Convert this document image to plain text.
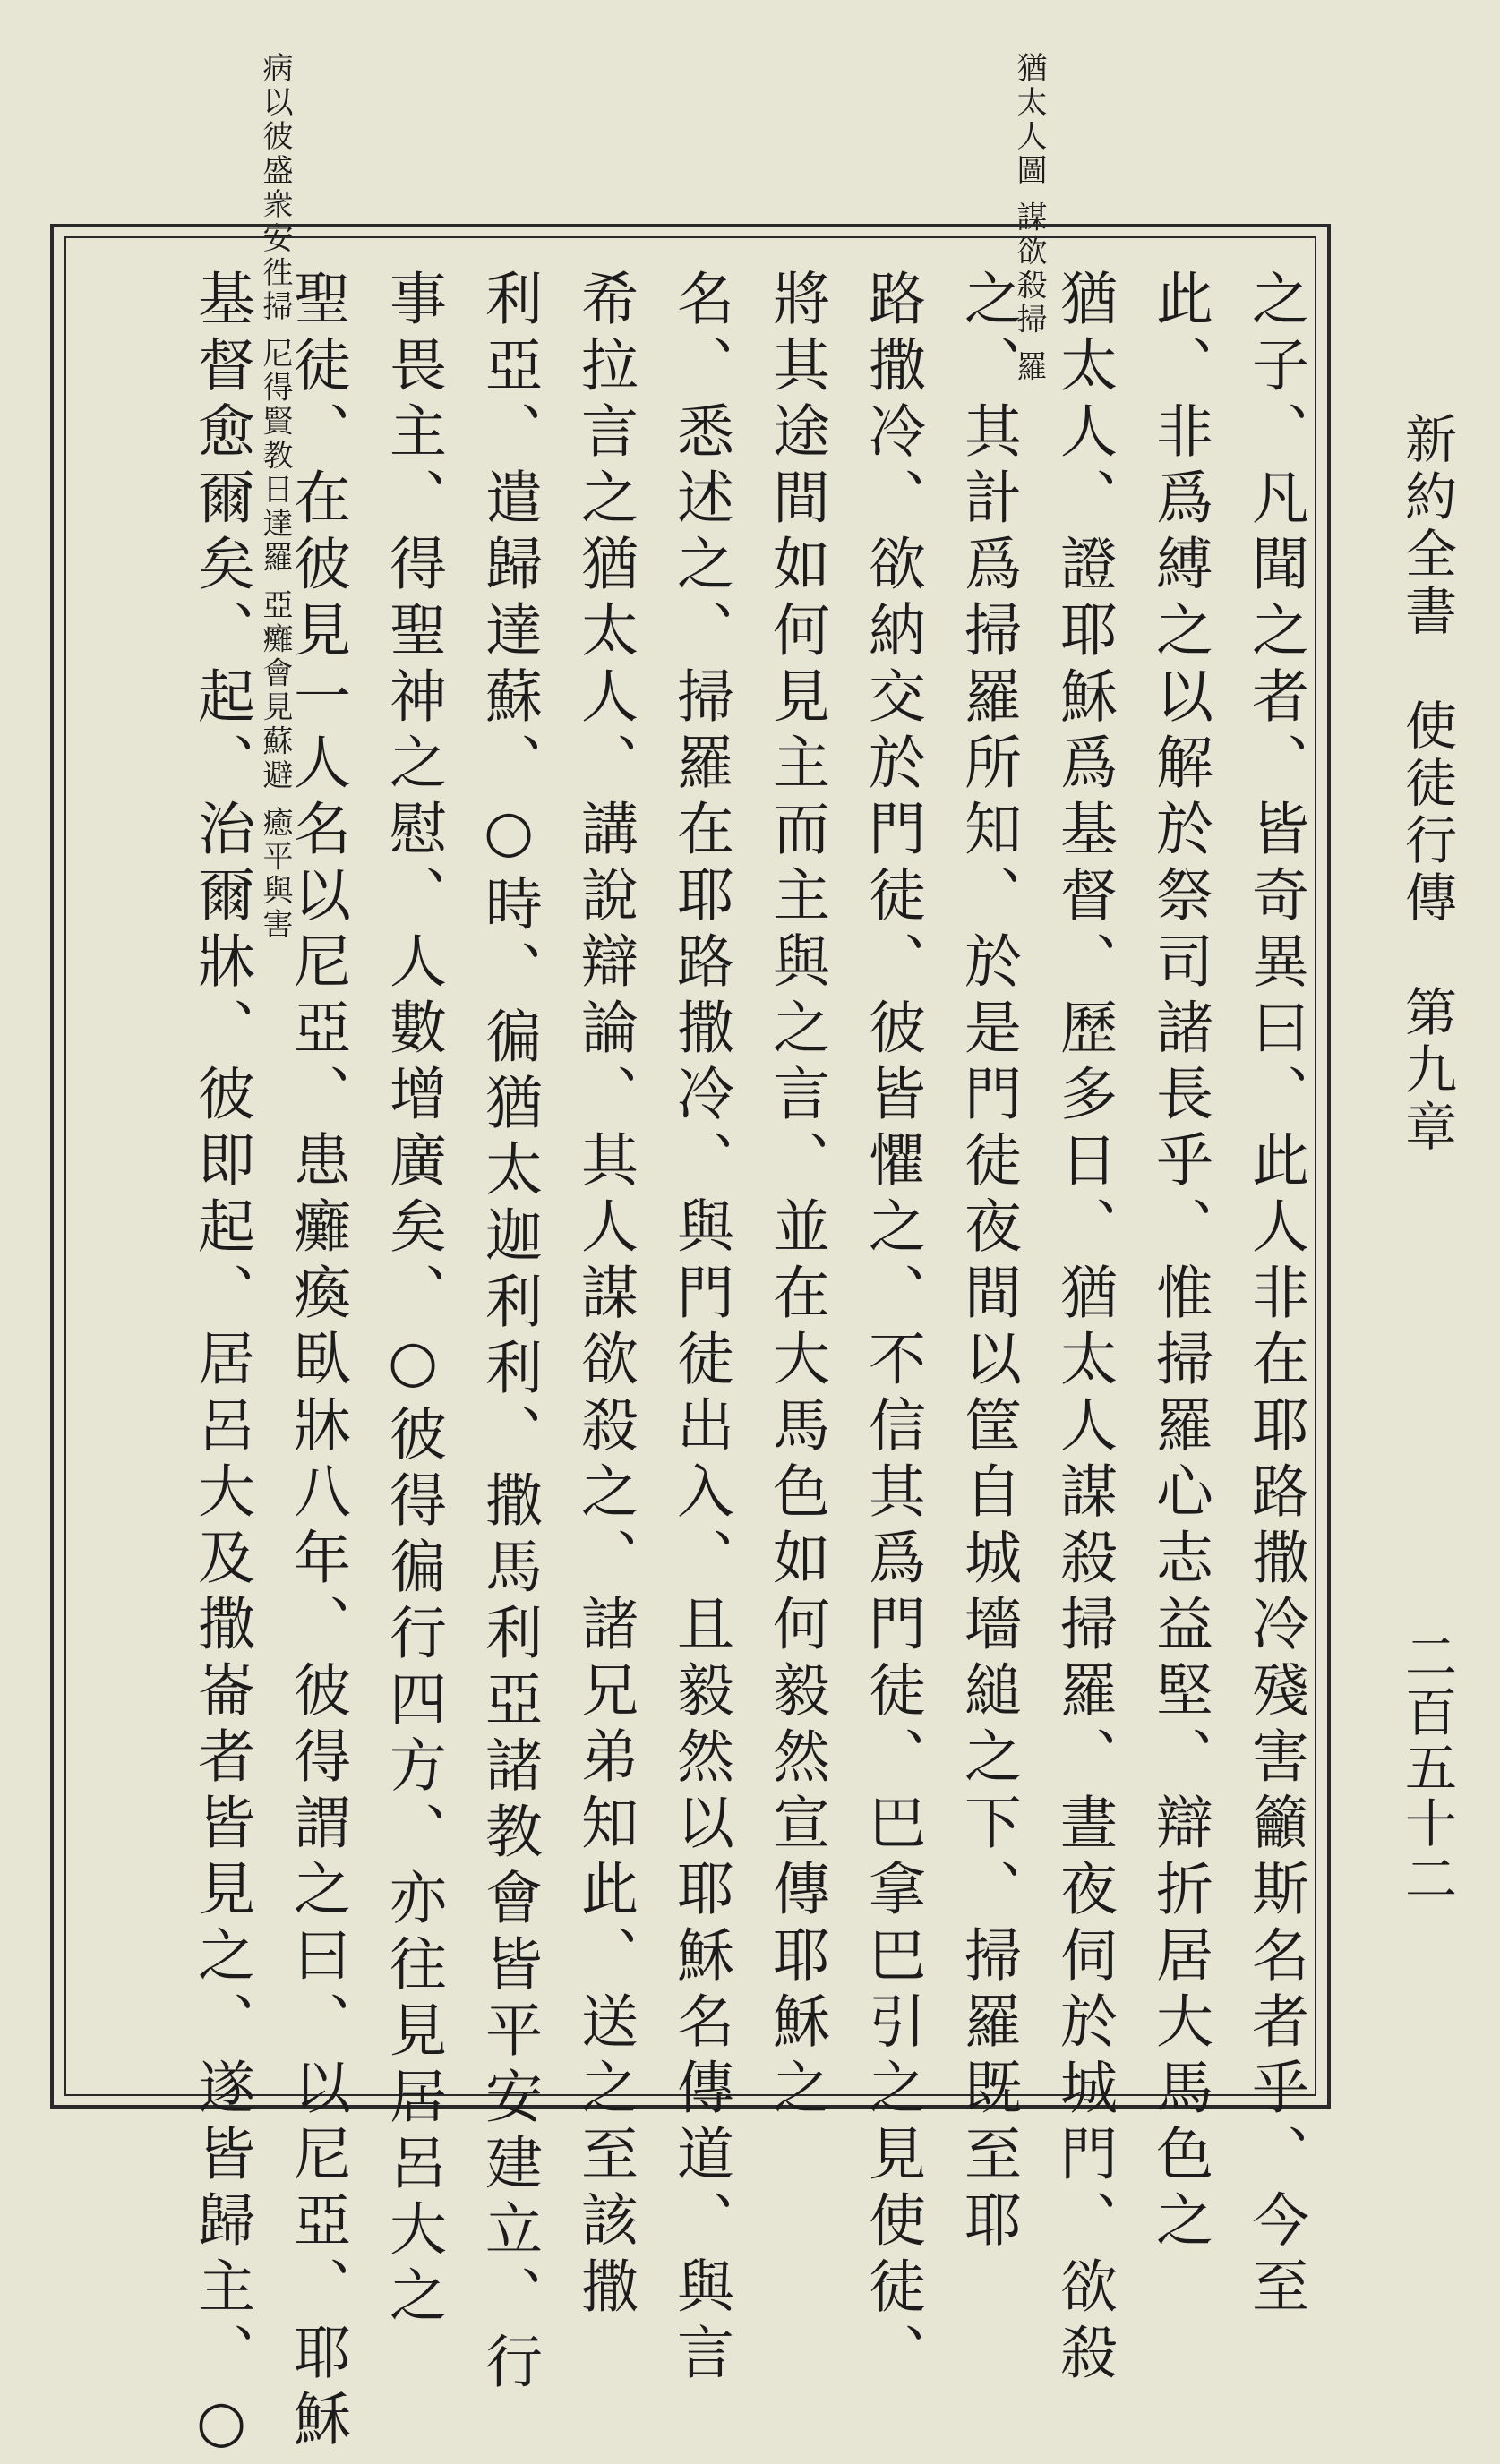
新約全書　使徒行傳　第九章
二百五十二
病以彼盛衆安徃掃 尼得賢教日達羅 亞癱會見蘇避 癒平與害	猶太人圖 謀欲殺掃 羅
之子、凡聞之者、皆奇異曰、此人非在耶路撒冷殘害籲斯名者乎、今至
此、非爲縛之以解於祭司諸長乎、惟掃羅心志益堅、辯折居大馬色之
猶太人、證耶穌爲基督、歷多日、猶太人謀殺掃羅、晝夜伺於城門、欲殺
之、其計爲掃羅所知、於是門徒夜間以筐自城墻縋之下、掃羅既至耶
路撒冷、欲納交於門徒、彼皆懼之、不信其爲門徒、巴拿巴引之見使徒、
將其途間如何見主而主與之言、並在大馬色如何毅然宣傳耶穌之
名、悉述之、掃羅在耶路撒冷、與門徒出入、且毅然以耶穌名傳道、與言
希拉言之猶太人、講說辯論、其人謀欲殺之、諸兄弟知此、送之至該撒
利亞、遣歸達蘇、○時、徧猶太迦利利、撒馬利亞諸教會皆平安建立、行
事畏主、得聖神之慰、人數增廣矣、○彼得徧行四方、亦往見居呂大之
聖徒、在彼見一人名以尼亞、患癱瘓臥牀八年、彼得謂之曰、以尼亞、耶穌
基督愈爾矣、起、治爾牀、彼即起、居呂大及撒崙者皆見之、遂皆歸主、○
